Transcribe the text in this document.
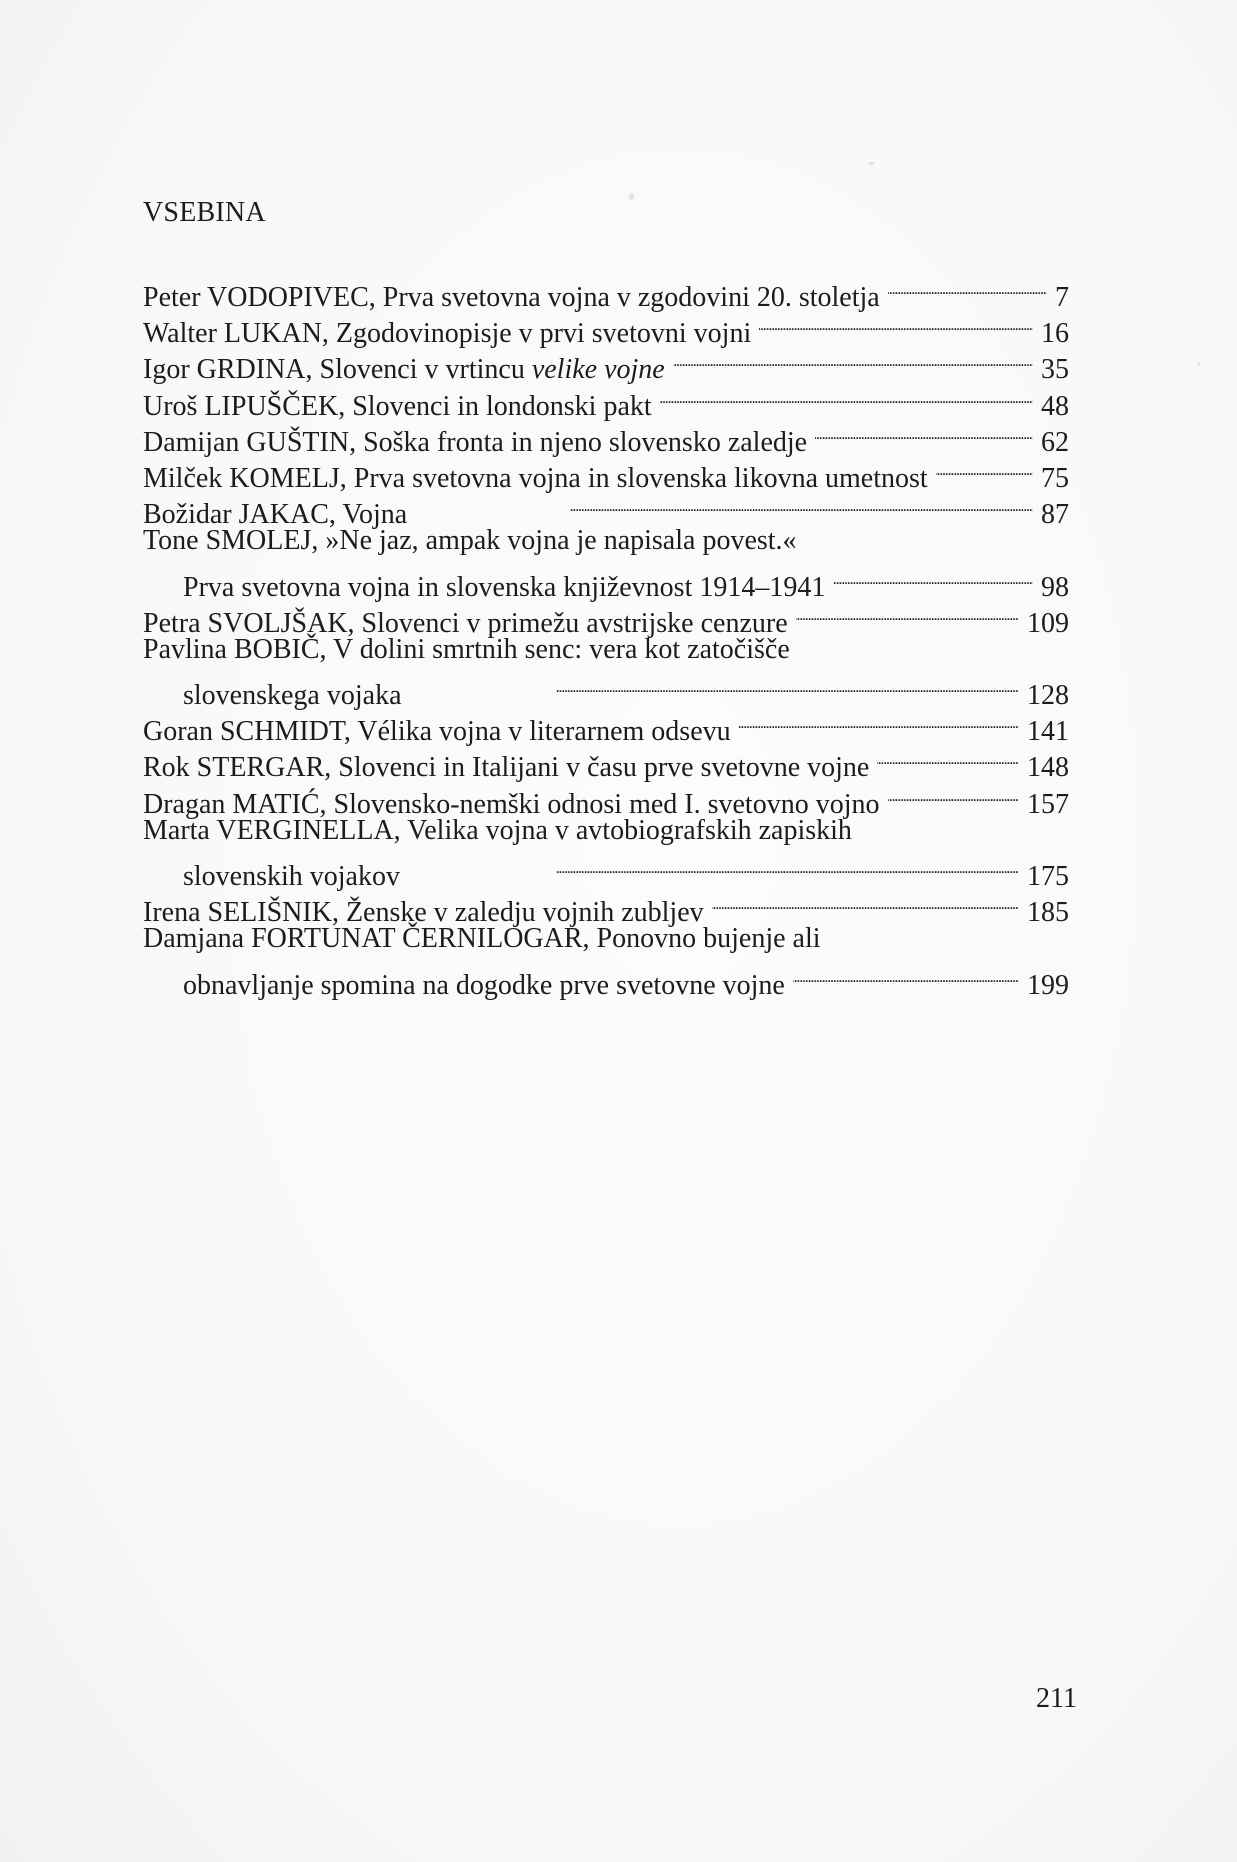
VSEBINA
Peter VODOPIVEC, Prva svetovna vojna v zgodovini 20. stoletja . . .	7
Walter LUKAN, Zgodovinopisje v prvi svetovni vojni . . .	16
Igor GRDINA, Slovenci v vrtincu velike vojne . . .	35
Uroš LIPUŠČEK, Slovenci in londonski pakt . . .	48
Damijan GUŠTIN, Soška fronta in njeno slovensko zaledje . . .	62
Milček KOMELJ, Prva svetovna vojna in slovenska likovna umetnost . . .	75
Božidar JAKAC, Vojna . . .	87
Tone SMOLEJ, »Ne jaz, ampak vojna je napisala povest.«
Prva svetovna vojna in slovenska književnost 1914–1941 . . .	98
Petra SVOLJŠAK, Slovenci v primežu avstrijske cenzure . . .	109
Pavlina BOBIČ, V dolini smrtnih senc: vera kot zatočišče
slovenskega vojaka . . .	128
Goran SCHMIDT, Vélika vojna v literarnem odsevu . . .	141
Rok STERGAR, Slovenci in Italijani v času prve svetovne vojne . . .	148
Dragan MATIĆ, Slovensko-nemški odnosi med I. svetovno vojno . . .	157
Marta VERGINELLA, Velika vojna v avtobiografskih zapiskih
slovenskih vojakov . . .	175
Irena SELIŠNIK, Ženske v zaledju vojnih zubljev . . .	185
Damjana FORTUNAT ČERNILOGAR, Ponovno bujenje ali
obnavljanje spomina na dogodke prve svetovne vojne . . .	199
211
